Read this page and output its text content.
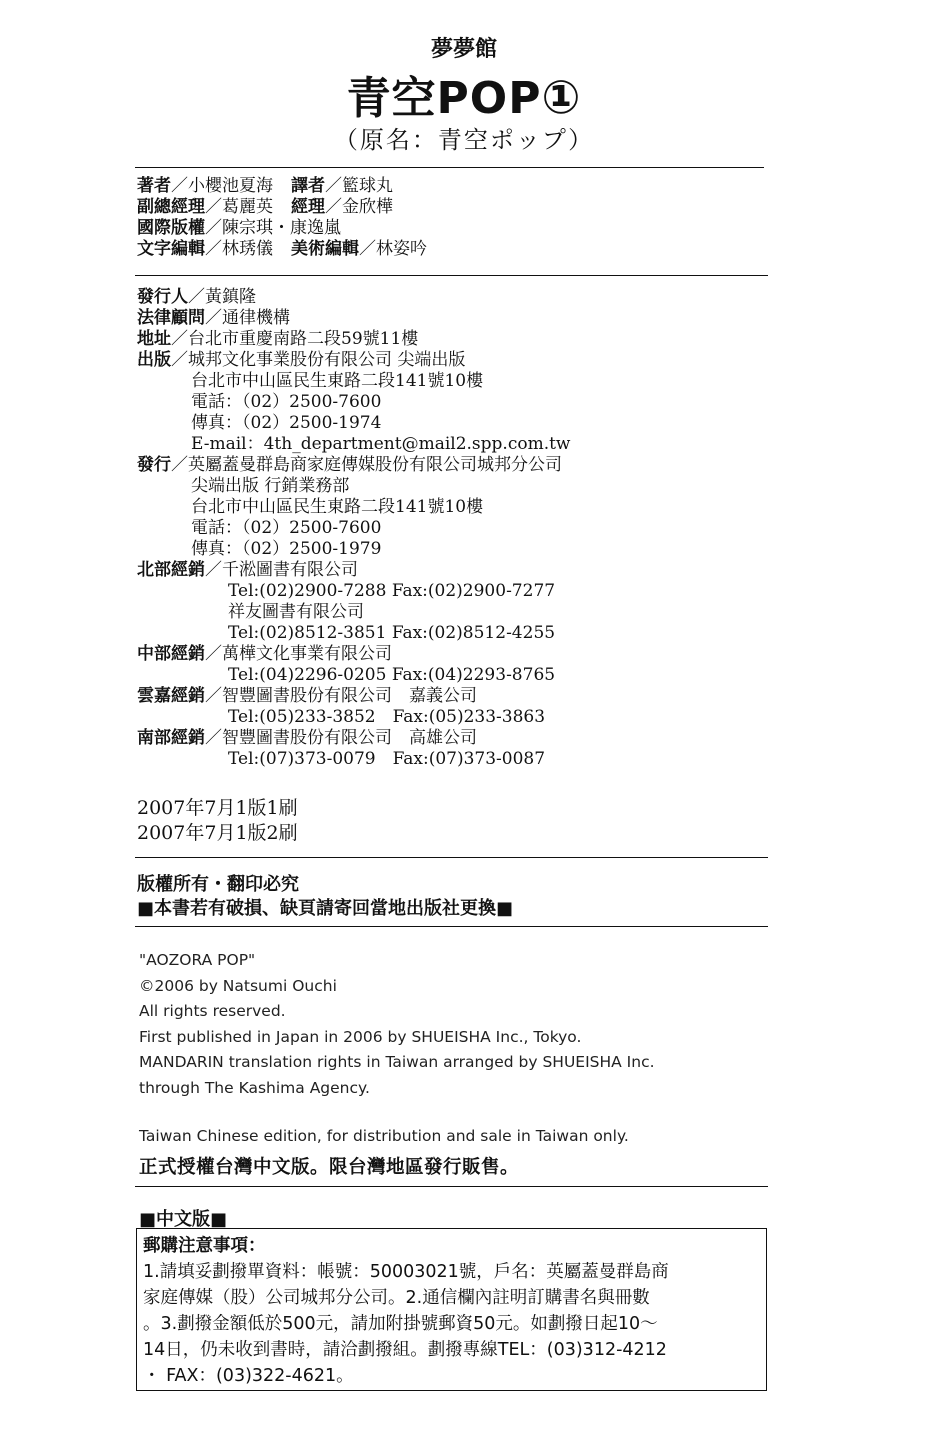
夢夢館
青空POP①
（原名：青空ポップ）
著者／小櫻池夏海 譯者／籃球丸
副總經理／葛麗英 經理／金欣樺
國際版權／陳宗琪・康逸嵐
文字編輯／林琇儀 美術編輯／林姿吟
發行人／黃鎮隆
法律顧問／通律機構
地址／台北市重慶南路二段59號11樓
出版／城邦文化事業股份有限公司 尖端出版
台北市中山區民生東路二段141號10樓
電話：（02）2500-7600
傳真：（02）2500-1974
E-mail：4th_department@mail2.spp.com.tw
發行／英屬蓋曼群島商家庭傳媒股份有限公司城邦分公司
尖端出版 行銷業務部
台北市中山區民生東路二段141號10樓
電話：（02）2500-7600
傳真：（02）2500-1979
北部經銷／千淞圖書有限公司
Tel:(02)2900-7288 Fax:(02)2900-7277
祥友圖書有限公司
Tel:(02)8512-3851 Fax:(02)8512-4255
中部經銷／萬樺文化事業有限公司
Tel:(04)2296-0205 Fax:(04)2293-8765
雲嘉經銷／智豐圖書股份有限公司　嘉義公司
Tel:(05)233-3852　Fax:(05)233-3863
南部經銷／智豐圖書股份有限公司　高雄公司
Tel:(07)373-0079　Fax:(07)373-0087
2007年7月1版1刷
2007年7月1版2刷
版權所有・翻印必究
■本書若有破損、缺頁請寄回當地出版社更換■
"AOZORA POP"
©2006 by Natsumi Ouchi
All rights reserved.
First published in Japan in 2006 by SHUEISHA Inc., Tokyo.
MANDARIN translation rights in Taiwan arranged by SHUEISHA Inc.
through The Kashima Agency.
Taiwan Chinese edition, for distribution and sale in Taiwan only.
正式授權台灣中文版。限台灣地區發行販售。
■中文版■
郵購注意事項：
1.請填妥劃撥單資料：帳號：50003021號，戶名：英屬蓋曼群島商
家庭傳媒（股）公司城邦分公司。2.通信欄內註明訂購書名與冊數
。3.劃撥金額低於500元，請加附掛號郵資50元。如劃撥日起10～
14日，仍未收到書時，請洽劃撥組。劃撥專線TEL：(03)312-4212
・ FAX：(03)322-4621。
